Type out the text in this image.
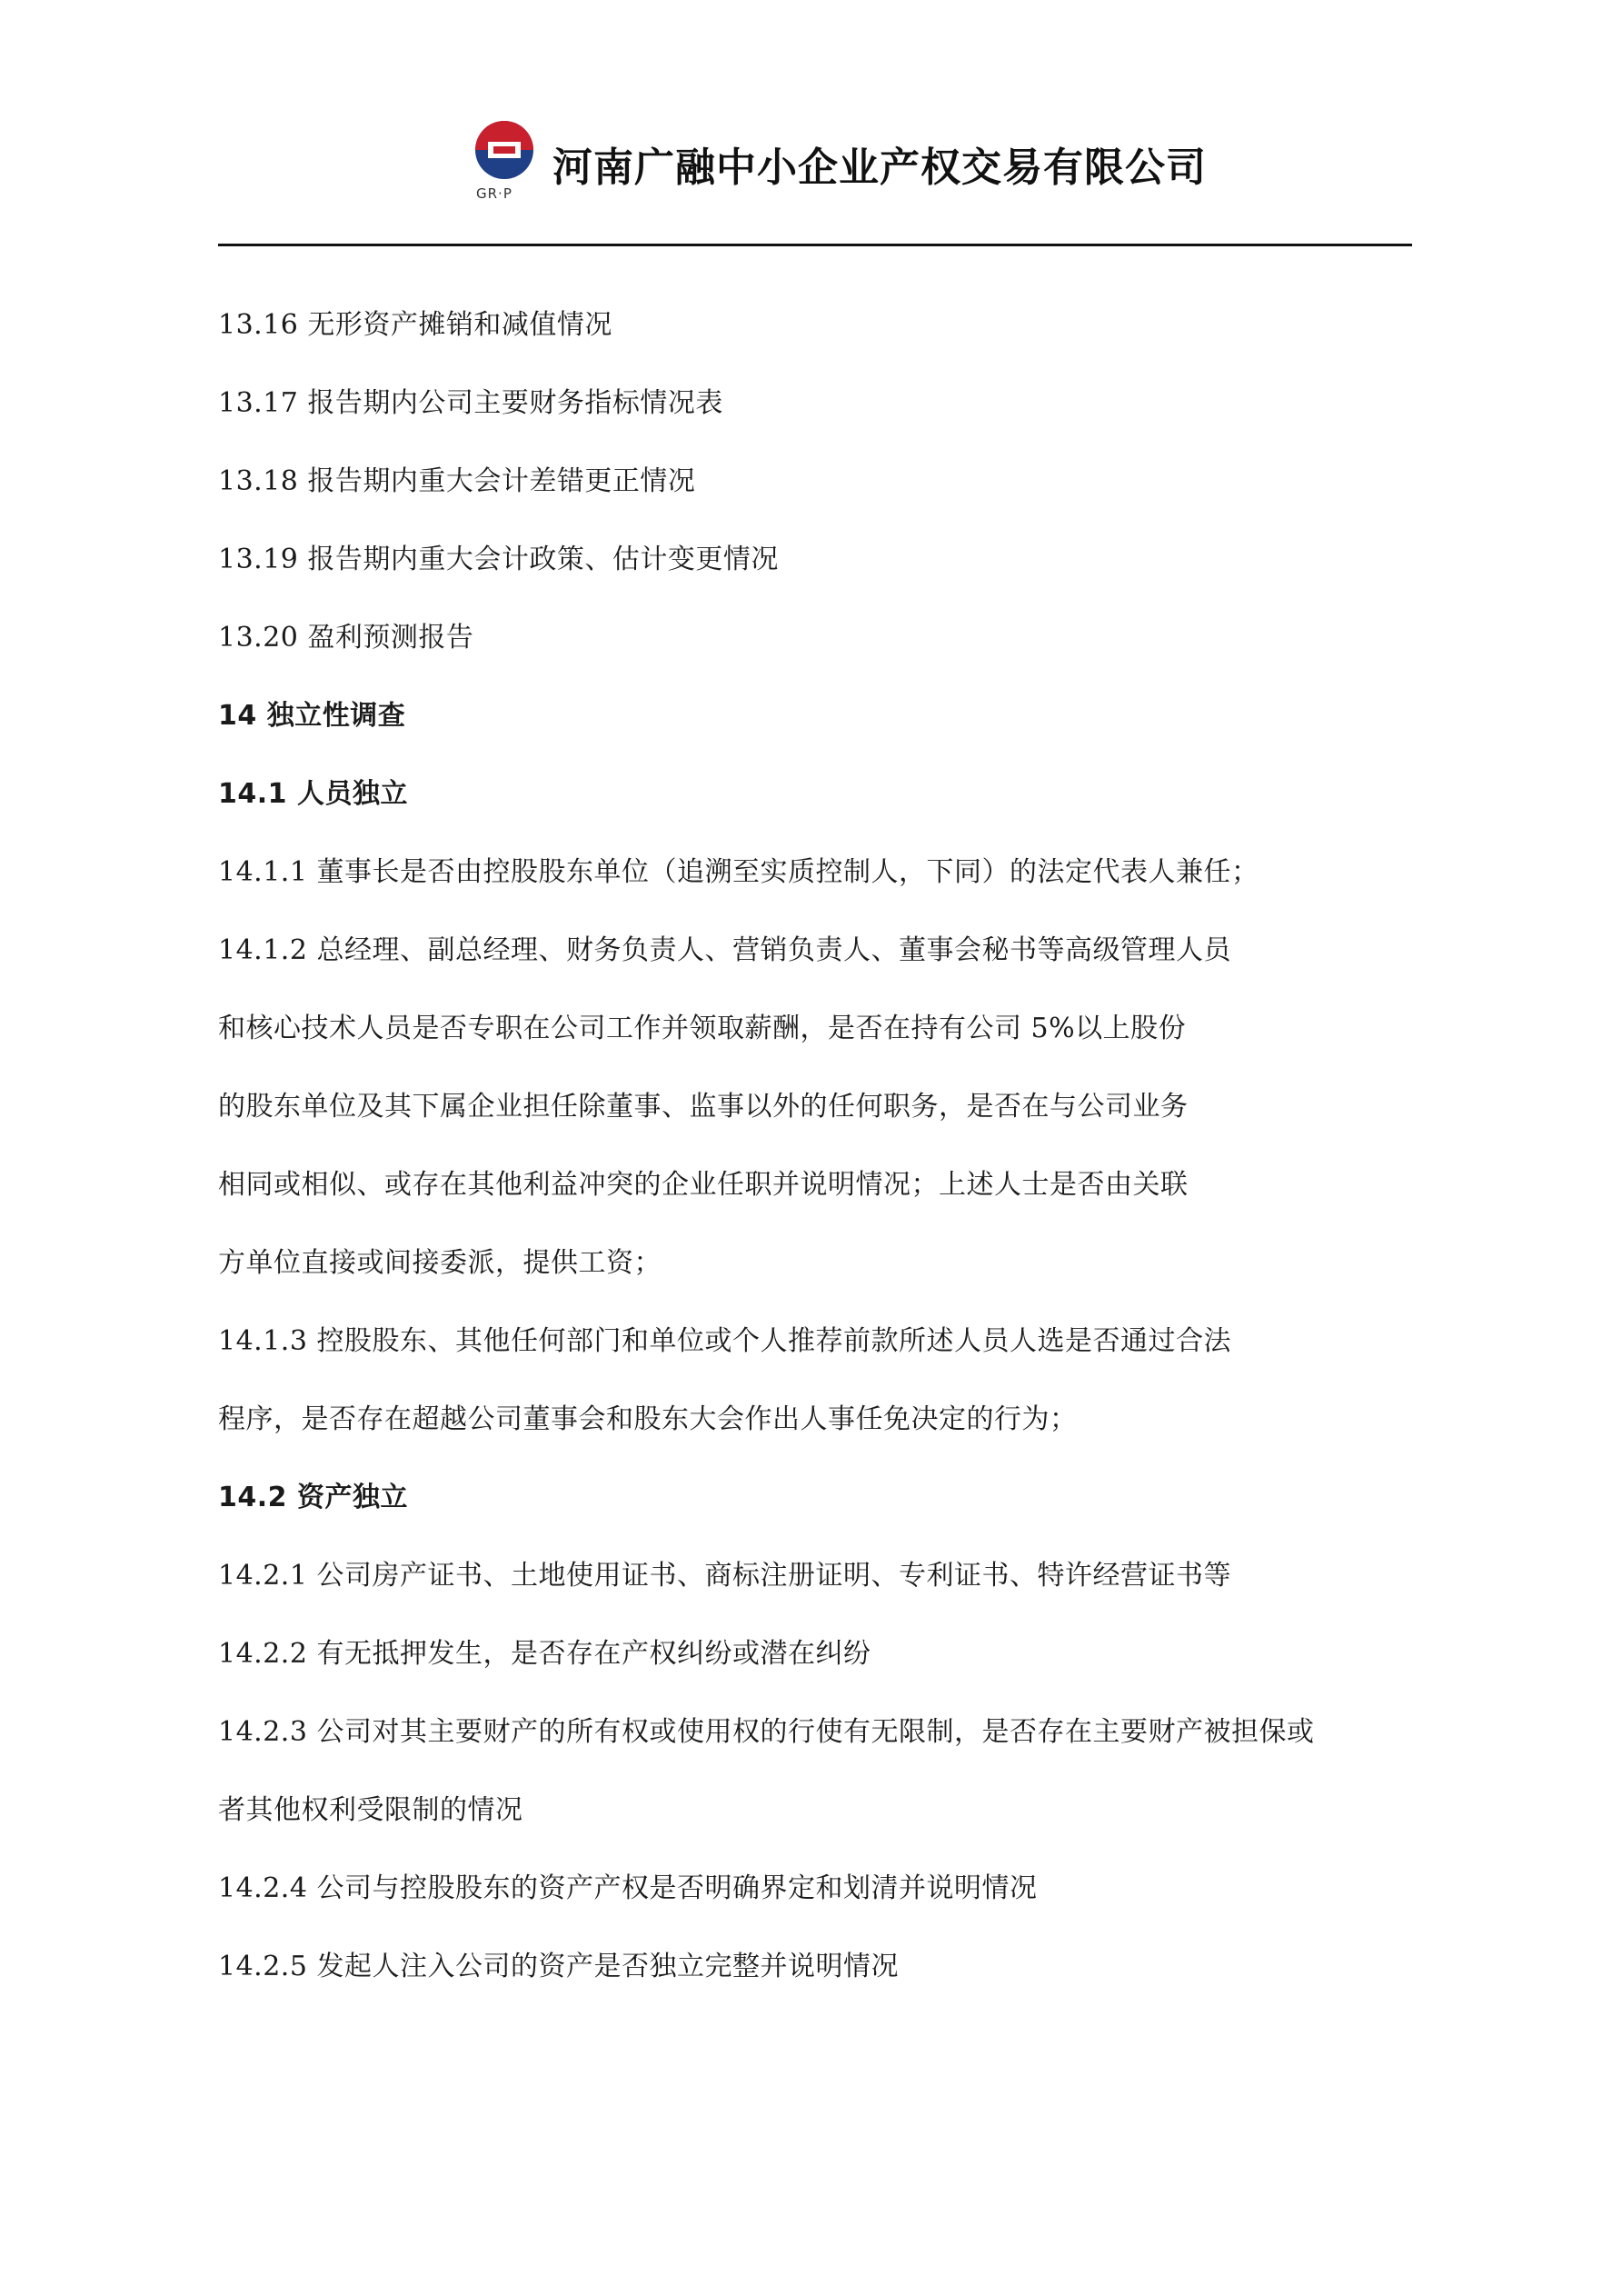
GR·P
河南广融中小企业产权交易有限公司
13.16 无形资产摊销和减值情况
13.17 报告期内公司主要财务指标情况表
13.18 报告期内重大会计差错更正情况
13.19 报告期内重大会计政策、估计变更情况
13.20 盈利预测报告
14 独立性调查
14.1 人员独立
14.1.1 董事长是否由控股股东单位（追溯至实质控制人，下同）的法定代表人兼任；
14.1.2 总经理、副总经理、财务负责人、营销负责人、董事会秘书等高级管理人员
和核心技术人员是否专职在公司工作并领取薪酬，是否在持有公司 5%以上股份
的股东单位及其下属企业担任除董事、监事以外的任何职务，是否在与公司业务
相同或相似、或存在其他利益冲突的企业任职并说明情况；上述人士是否由关联
方单位直接或间接委派，提供工资；
14.1.3 控股股东、其他任何部门和单位或个人推荐前款所述人员人选是否通过合法
程序，是否存在超越公司董事会和股东大会作出人事任免决定的行为；
14.2 资产独立
14.2.1 公司房产证书、土地使用证书、商标注册证明、专利证书、特许经营证书等
14.2.2 有无抵押发生，是否存在产权纠纷或潜在纠纷
14.2.3 公司对其主要财产的所有权或使用权的行使有无限制，是否存在主要财产被担保或
者其他权利受限制的情况
14.2.4 公司与控股股东的资产产权是否明确界定和划清并说明情况
14.2.5 发起人注入公司的资产是否独立完整并说明情况
